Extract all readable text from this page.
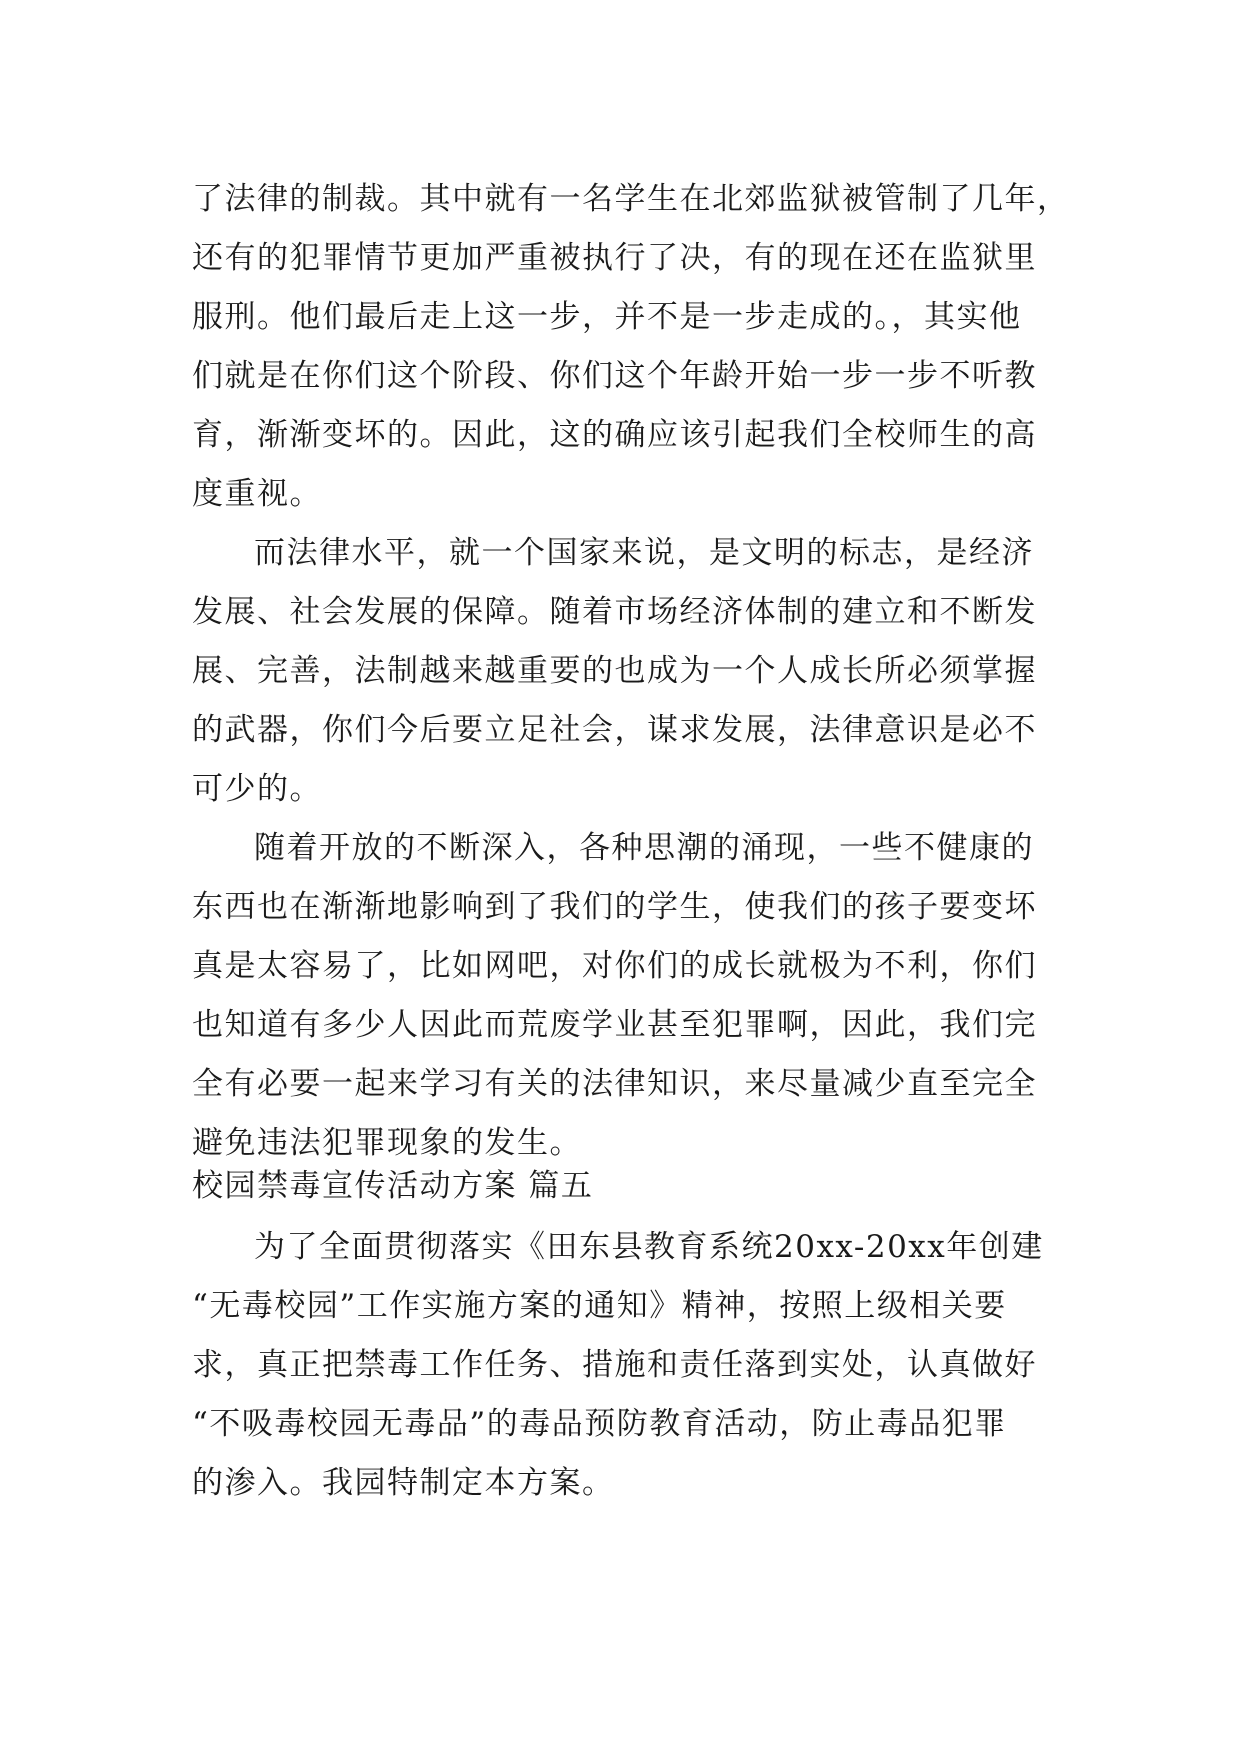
了法律的制裁。其中就有一名学生在北郊监狱被管制了几年，
还有的犯罪情节更加严重被执行了决，有的现在还在监狱里
服刑。他们最后走上这一步，并不是一步走成的。，其实他
们就是在你们这个阶段、你们这个年龄开始一步一步不听教
育，渐渐变坏的。因此，这的确应该引起我们全校师生的高
度重视。

而法律水平，就一个国家来说，是文明的标志，是经济
发展、社会发展的保障。随着市场经济体制的建立和不断发
展、完善，法制越来越重要的也成为一个人成长所必须掌握
的武器，你们今后要立足社会，谋求发展，法律意识是必不
可少的。

随着开放的不断深入，各种思潮的涌现，一些不健康的
东西也在渐渐地影响到了我们的学生，使我们的孩子要变坏
真是太容易了，比如网吧，对你们的成长就极为不利，你们
也知道有多少人因此而荒废学业甚至犯罪啊，因此，我们完
全有必要一起来学习有关的法律知识，来尽量减少直至完全
避免违法犯罪现象的发生。

校园禁毒宣传活动方案 篇五

为了全面贯彻落实《田东县教育系统20xx-20xx年创建
“无毒校园”工作实施方案的通知》精神，按照上级相关要
求，真正把禁毒工作任务、措施和责任落到实处，认真做好
“不吸毒校园无毒品”的毒品预防教育活动，防止毒品犯罪
的渗入。我园特制定本方案。
